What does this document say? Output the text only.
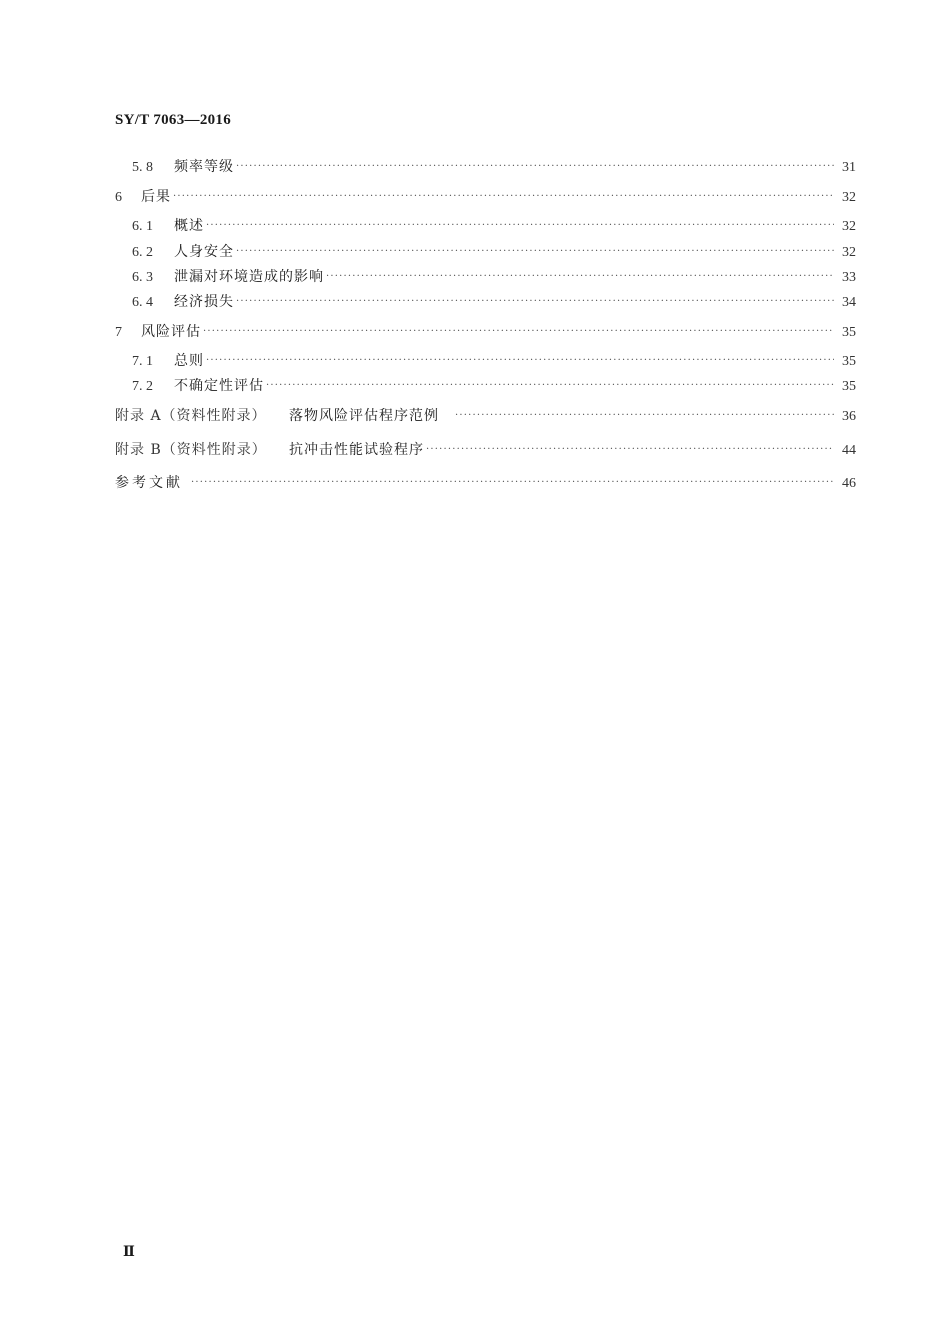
SY/T 7063—2016
5. 8	频率等级 ·····	31
6	后果 ·····	32
6. 1	概述 ·····	32
6. 2	人身安全 ·····	32
6. 3	泄漏对环境造成的影响 ·····	33
6. 4	经济损失 ·····	34
7	风险评估 ·····	35
7. 1	总则 ·····	35
7. 2	不确定性评估 ·····	35
附录 A（资料性附录）	落物风险评估程序范例 ·····	36
附录 B（资料性附录）	抗冲击性能试验程序 ·····	44
参考文献 ·····	46
Ⅱ
